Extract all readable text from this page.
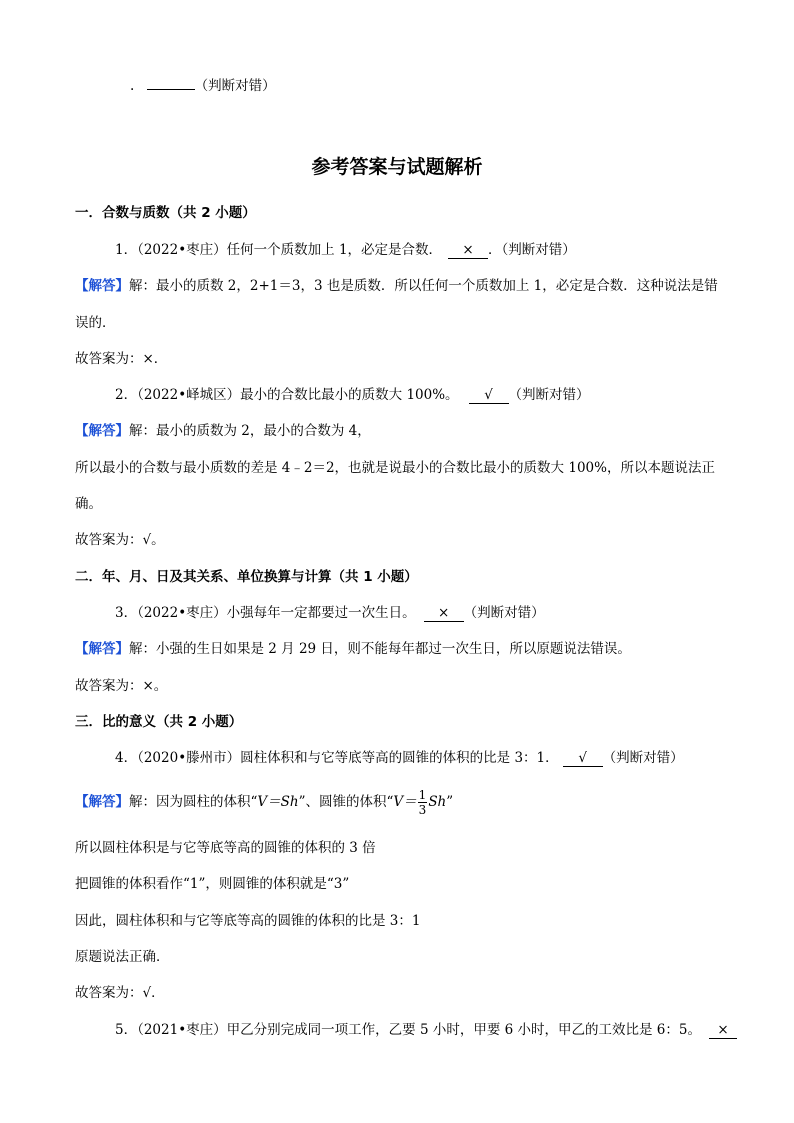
.	（判断对错）
参考答案与试题解析
一．合数与质数（共 2 小题）
1．（2022•枣庄）任何一个质数加上 1，必定是合数． × ．（判断对错）
【解答】解：最小的质数 2，2+1＝3，3 也是质数．所以任何一个质数加上 1，必定是合数．这种说法是错
误的．
故答案为：×．
2．（2022•峄城区）最小的合数比最小的质数大 100%。 √ （判断对错）
【解答】解：最小的质数为 2，最小的合数为 4，
所以最小的合数与最小质数的差是 4﹣2＝2，也就是说最小的合数比最小的质数大 100%，所以本题说法正
确。
故答案为：√。
二．年、月、日及其关系、单位换算与计算（共 1 小题）
3．（2022•枣庄）小强每年一定都要过一次生日。 × （判断对错）
【解答】解：小强的生日如果是 2 月 29 日，则不能每年都过一次生日，所以原题说法错误。
故答案为：×。
三．比的意义（共 2 小题）
4．（2020•滕州市）圆柱体积和与它等底等高的圆锥的体积的比是 3：1． √ （判断对错）
【解答】解：因为圆柱的体积“V＝Sh”、圆锥的体积“$V= \frac{1}{3} Sh$”
所以圆柱体积是与它等底等高的圆锥的体积的 3 倍
把圆锥的体积看作“1”，则圆锥的体积就是“3”
因此，圆柱体积和与它等底等高的圆锥的体积的比是 3：1
原题说法正确．
故答案为：√．
5．（2021•枣庄）甲乙分别完成同一项工作，乙要 5 小时，甲要 6 小时，甲乙的工效比是 6：5。 ×
